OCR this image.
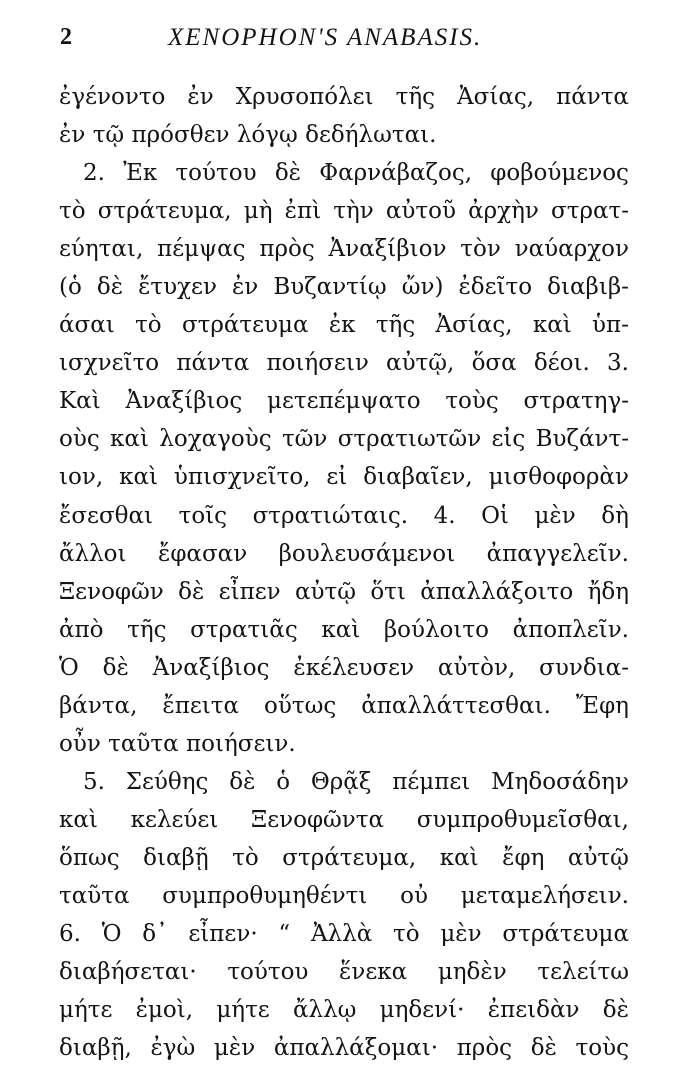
2	XENOPHON'S ANABASIS.
ἐγένοντο ἐν Χρυσοπόλει τῆς Ἀσίας, πάντα
ἐν τῷ πρόσθεν λόγῳ δεδήλωται.
2. Ἐκ τούτου δὲ Φαρνάβαζος, φοβούμενος
τὸ στράτευμα, μὴ ἐπὶ τὴν αὐτοῦ ἀρχὴν στρατ-
εύηται, πέμψας πρὸς Ἀναξίβιον τὸν ναύαρχον
(ὁ δὲ ἔτυχεν ἐν Βυζαντίῳ ὤν) ἐδεῖτο διαβιβ-
άσαι τὸ στράτευμα ἐκ τῆς Ἀσίας, καὶ ὑπ-
ισχνεῖτο πάντα ποιήσειν αὐτῷ, ὅσα δέοι. 3.
Καὶ Ἀναξίβιος μετεπέμψατο τοὺς στρατηγ-
οὺς καὶ λοχαγοὺς τῶν στρατιωτῶν εἰς Βυζάντ-
ιον, καὶ ὑπισχνεῖτο, εἰ διαβαῖεν, μισθοφορὰν
ἔσεσθαι τοῖς στρατιώταις. 4. Οἱ μὲν δὴ
ἄλλοι ἔφασαν βουλευσάμενοι ἀπαγγελεῖν.
Ξενοφῶν δὲ εἶπεν αὐτῷ ὅτι ἀπαλλάξοιτο ἤδη
ἀπὸ τῆς στρατιᾶς καὶ βούλοιτο ἀποπλεῖν.
Ὁ δὲ Ἀναξίβιος ἐκέλευσεν αὐτὸν, συνδια-
βάντα, ἔπειτα οὕτως ἀπαλλάττεσθαι. Ἔφη
οὖν ταῦτα ποιήσειν.
5. Σεύθης δὲ ὁ Θρᾷξ πέμπει Μηδοσάδην
καὶ κελεύει Ξενοφῶντα συμπροθυμεῖσθαι,
ὅπως διαβῇ τὸ στράτευμα, καὶ ἔφη αὐτῷ
ταῦτα συμπροθυμηθέντι οὐ μεταμελήσειν.
6. Ὁ δ᾽ εἶπεν· “ Ἀλλὰ τὸ μὲν στράτευμα
διαβήσεται· τούτου ἕνεκα μηδὲν τελείτω
μήτε ἐμοὶ, μήτε ἄλλῳ μηδενί· ἐπειδὰν δὲ
διαβῇ, ἐγὼ μὲν ἀπαλλάξομαι· πρὸς δὲ τοὺς
